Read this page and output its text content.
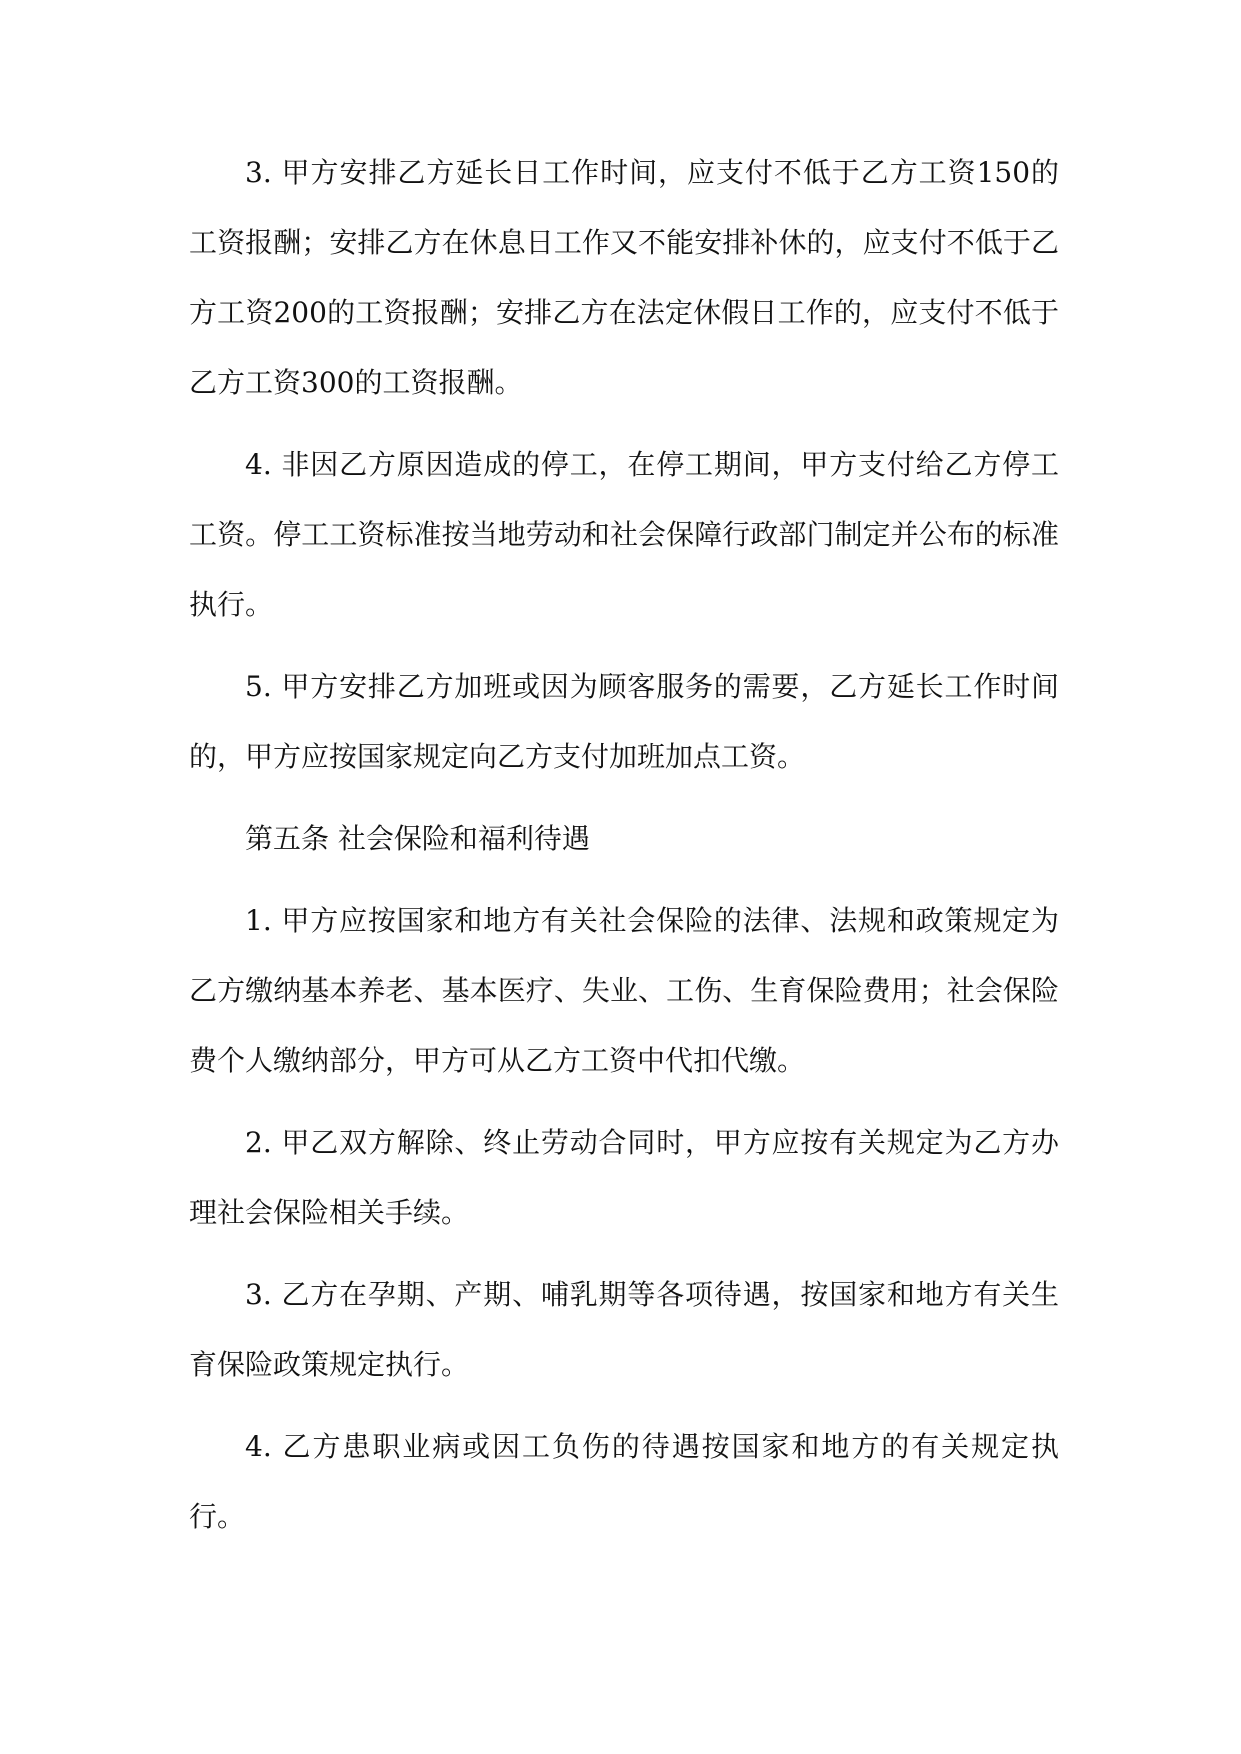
3. 甲方安排乙方延长日工作时间，应支付不低于乙方工资150的工资报酬；安排乙方在休息日工作又不能安排补休的，应支付不低于乙方工资200的工资报酬；安排乙方在法定休假日工作的，应支付不低于乙方工资300的工资报酬。

4. 非因乙方原因造成的停工，在停工期间，甲方支付给乙方停工工资。停工工资标准按当地劳动和社会保障行政部门制定并公布的标准执行。

5. 甲方安排乙方加班或因为顾客服务的需要，乙方延长工作时间的，甲方应按国家规定向乙方支付加班加点工资。

第五条 社会保险和福利待遇

1. 甲方应按国家和地方有关社会保险的法律、法规和政策规定为乙方缴纳基本养老、基本医疗、失业、工伤、生育保险费用；社会保险费个人缴纳部分，甲方可从乙方工资中代扣代缴。

2. 甲乙双方解除、终止劳动合同时，甲方应按有关规定为乙方办理社会保险相关手续。

3. 乙方在孕期、产期、哺乳期等各项待遇，按国家和地方有关生育保险政策规定执行。

4. 乙方患职业病或因工负伤的待遇按国家和地方的有关规定执行。
